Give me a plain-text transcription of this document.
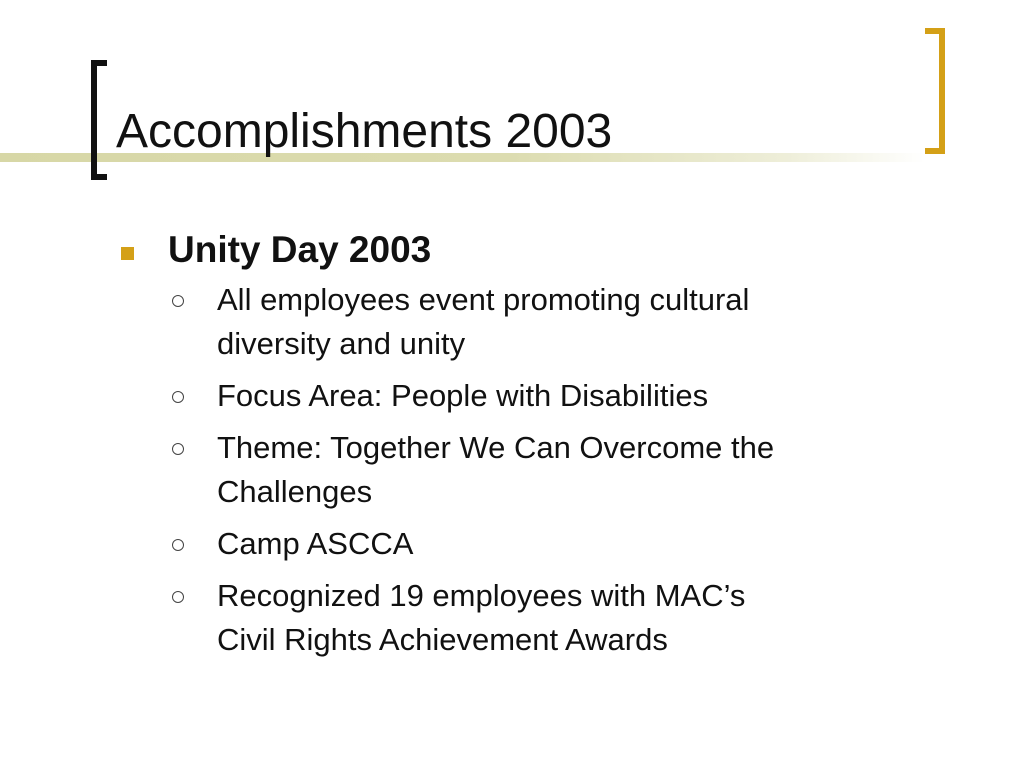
Accomplishments 2003
Unity Day 2003
All employees event promoting cultural
diversity and unity
Focus Area: People with Disabilities
Theme: Together We Can Overcome the
Challenges
Camp ASCCA
Recognized 19 employees with MAC’s
Civil Rights Achievement Awards
